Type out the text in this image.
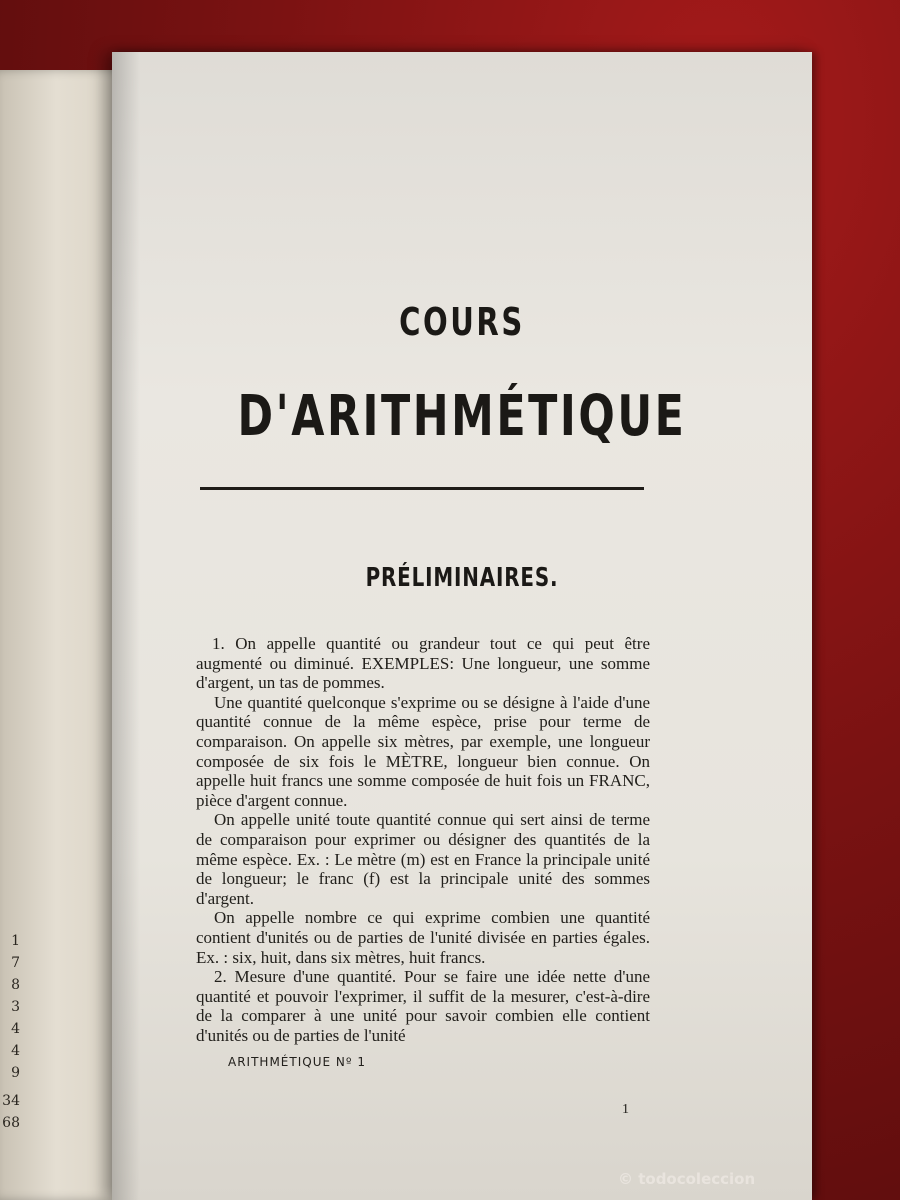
1
7
8
3
4
4
9
34
68
COURS
D'ARITHMÉTIQUE
PRÉLIMINAIRES.

1. On appelle quantité ou grandeur tout ce qui peut être augmenté ou diminué. EXEMPLES: Une longueur, une somme d'argent, un tas de pommes.

Une quantité quelconque s'exprime ou se désigne à l'aide d'une quantité connue de la même espèce, prise pour terme de comparaison. On appelle six mètres, par exemple, une longueur composée de six fois le MÈTRE, longueur bien connue. On appelle huit francs une somme composée de huit fois un FRANC, pièce d'argent connue.

On appelle unité toute quantité connue qui sert ainsi de terme de comparaison pour exprimer ou désigner des quantités de la même espèce. Ex. : Le mètre (m) est en France la principale unité de longueur; le franc (f) est la principale unité des sommes d'argent.

On appelle nombre ce qui exprime combien une quantité contient d'unités ou de parties de l'unité divisée en parties égales. Ex. : six, huit, dans six mètres, huit francs.

2. Mesure d'une quantité. Pour se faire une idée nette d'une quantité et pouvoir l'exprimer, il suffit de la mesurer, c'est-à-dire de la comparer à une unité pour savoir combien elle contient d'unités ou de parties de l'unité

ARITHMÉTIQUE Nº 1
1
© todocoleccion
